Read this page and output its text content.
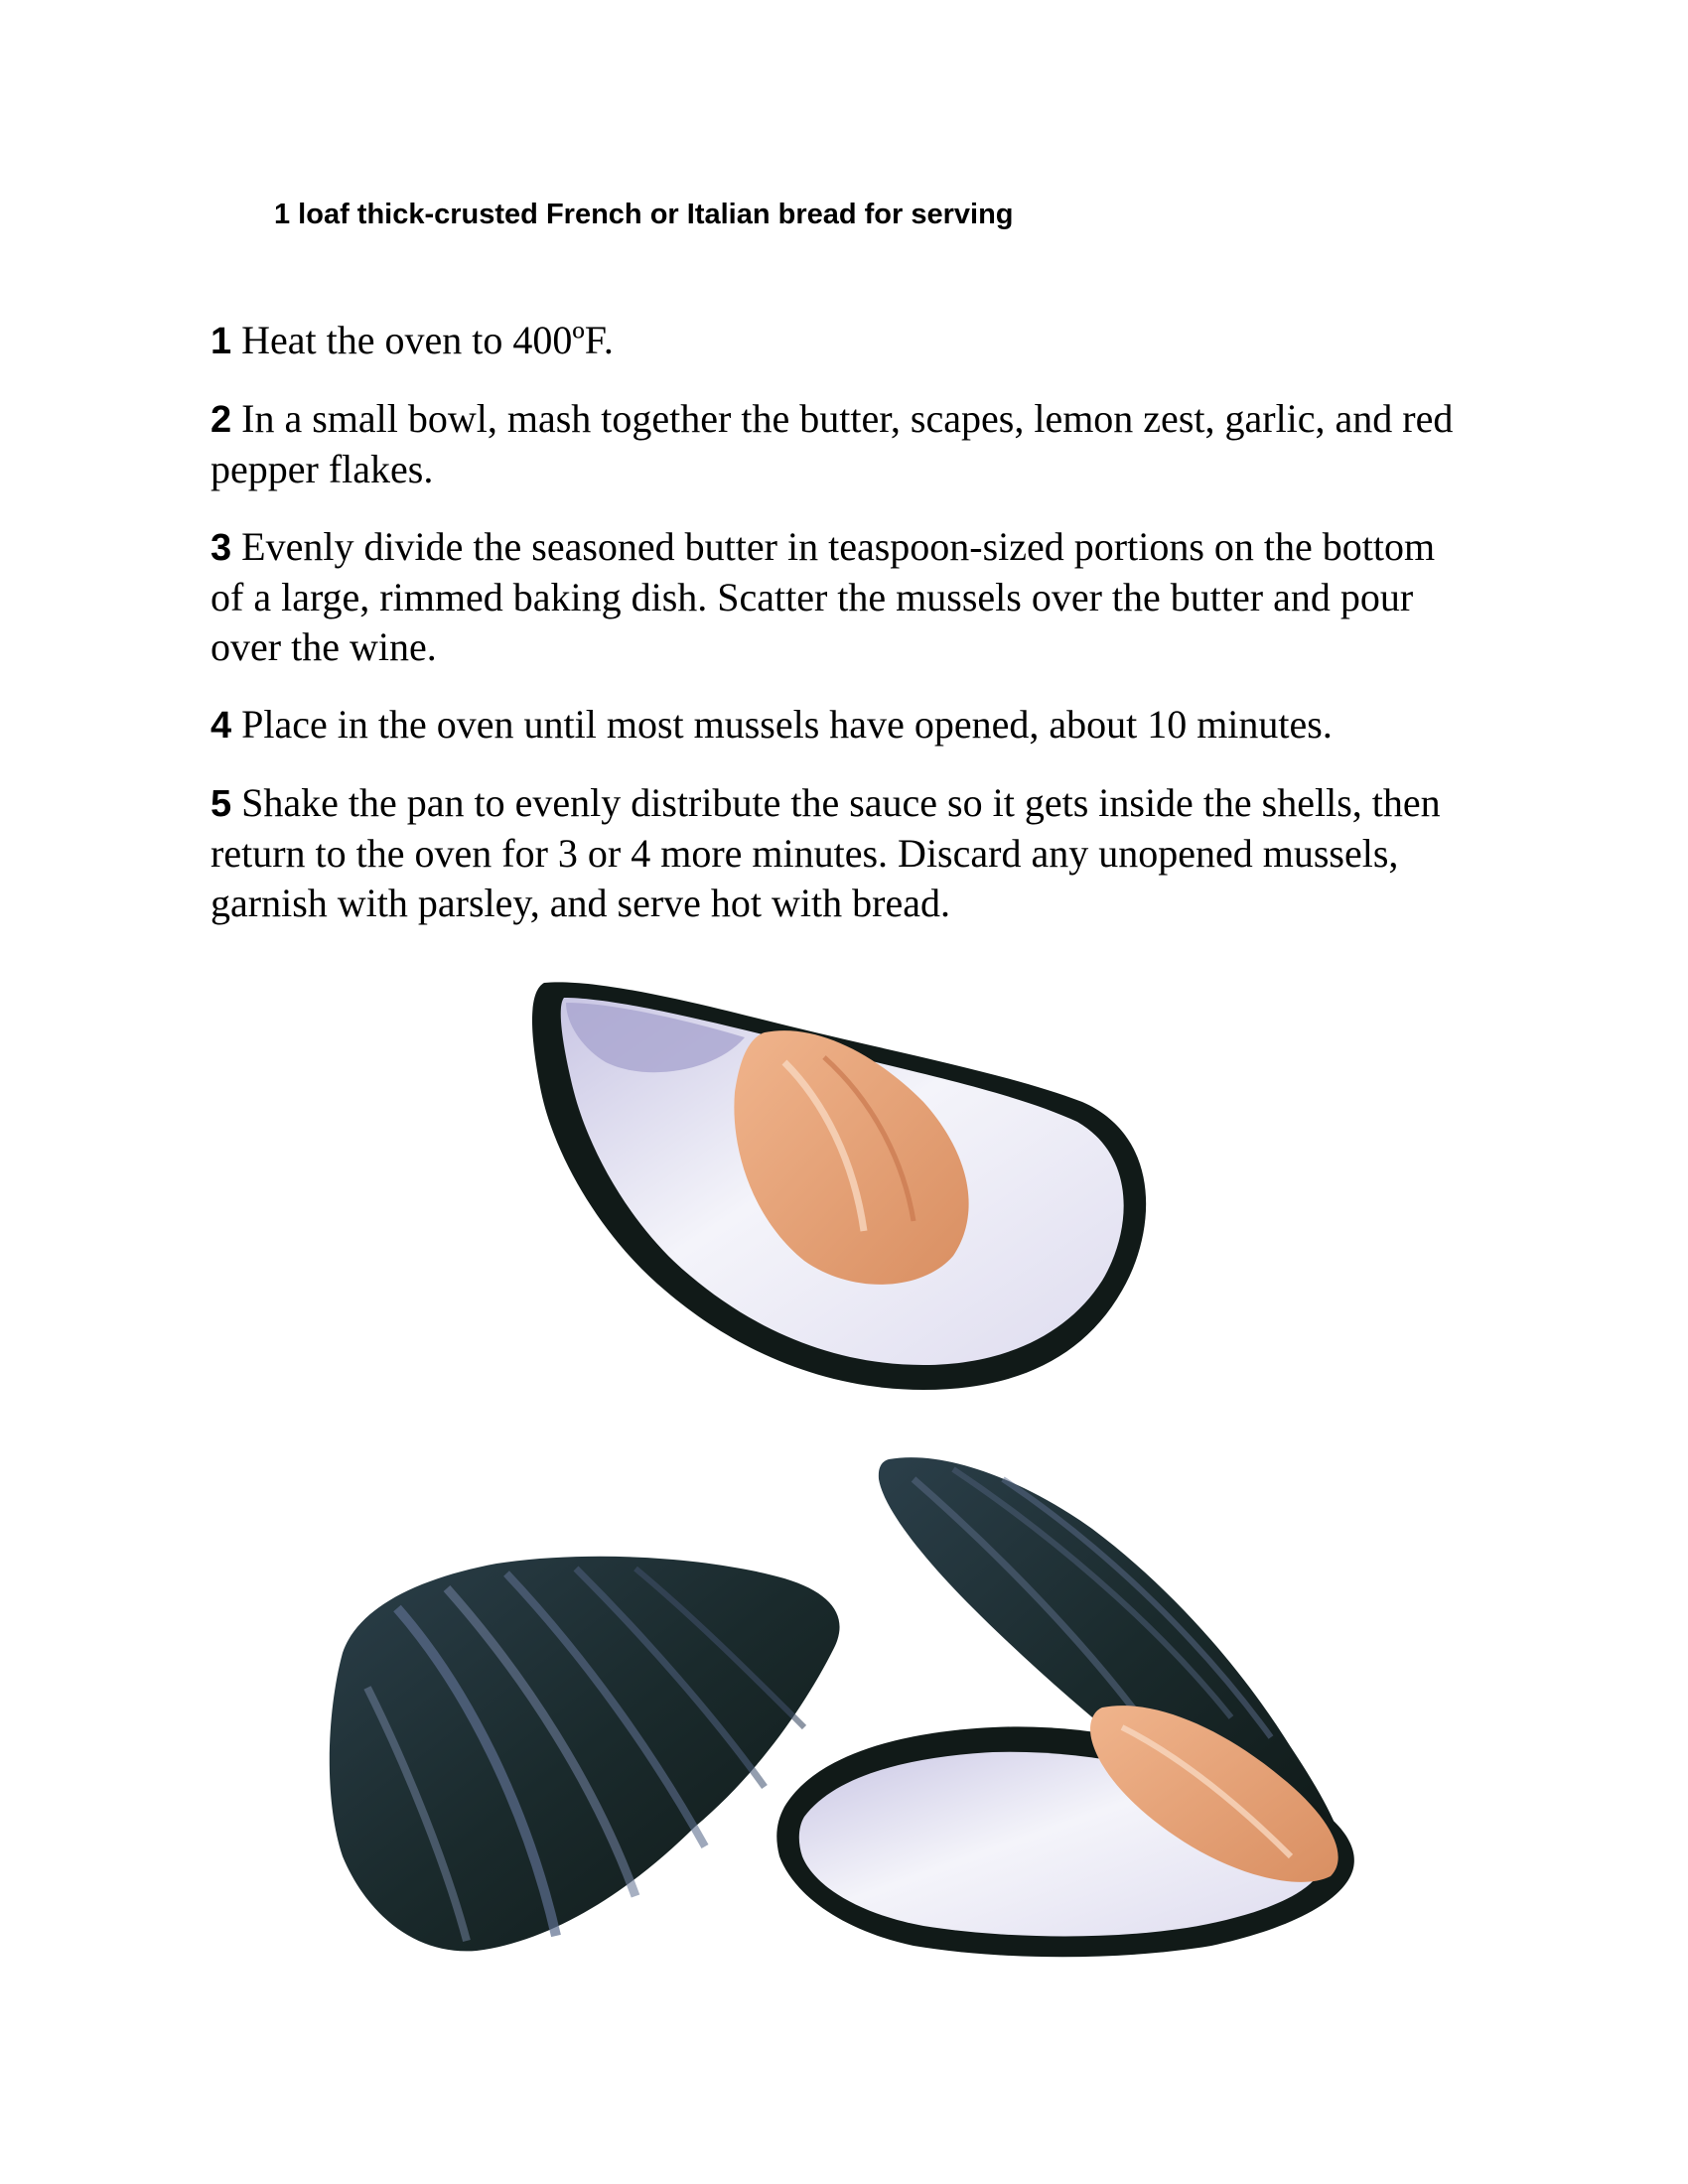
1 loaf thick-crusted French or Italian bread for serving

1 Heat the oven to 400ºF.

2 In a small bowl, mash together the butter, scapes, lemon zest, garlic, and red pepper flakes.

3 Evenly divide the seasoned butter in teaspoon-sized portions on the bottom of a large, rimmed baking dish. Scatter the mussels over the butter and pour over the wine.

4 Place in the oven until most mussels have opened, about 10 minutes.

5 Shake the pan to evenly distribute the sauce so it gets inside the shells, then return to the oven for 3 or 4 more minutes. Discard any unopened mussels, garnish with parsley, and serve hot with bread.
